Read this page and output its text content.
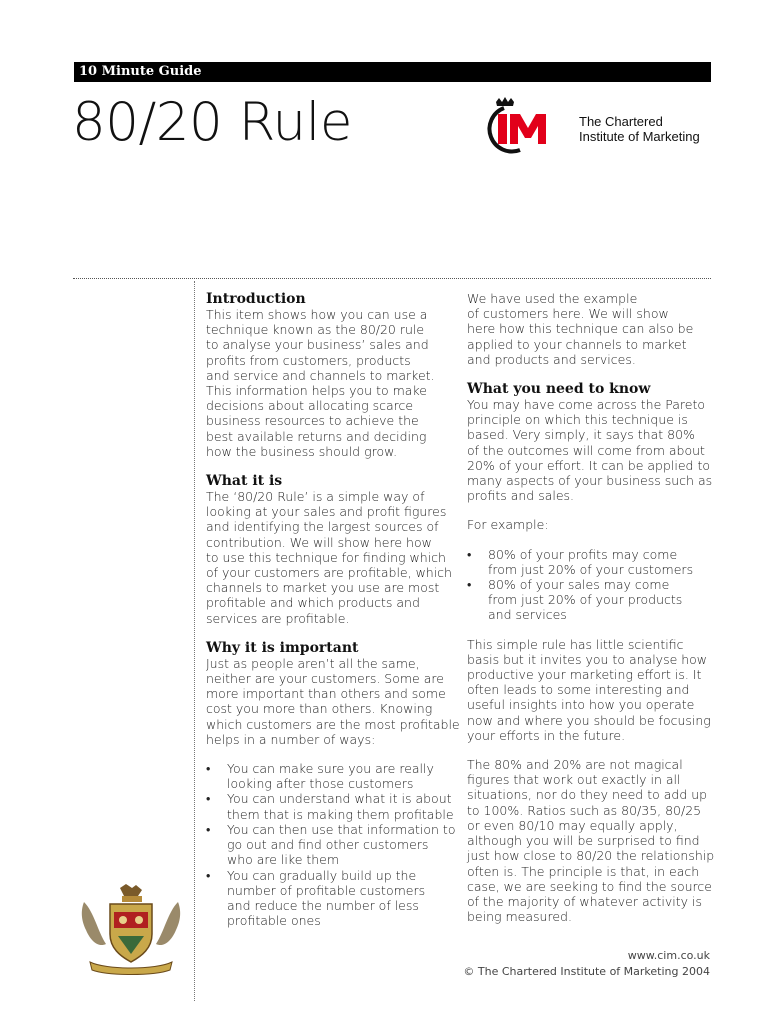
10 Minute Guide
80/20 Rule	The Chartered
Institute of Marketing
Introduction

This item shows how you can use a
technique known as the 80/20 rule
to analyse your business’ sales and
profits from customers, products
and service and channels to market.
This information helps you to make
decisions about allocating scarce
business resources to achieve the
best available returns and deciding
how the business should grow.

What it is

The ‘80/20 Rule’ is a simple way of
looking at your sales and profit figures
and identifying the largest sources of
contribution. We will show here how
to use this technique for finding which
of your customers are profitable, which
channels to market you use are most
profitable and which products and
services are profitable.

Why it is important

Just as people aren’t all the same,
neither are your customers. Some are
more important than others and some
cost you more than others. Knowing
which customers are the most profitable
helps in a number of ways:

• You can make sure you are really
looking after those customers
• You can understand what it is about
them that is making them profitable
• You can then use that information to
go out and find other customers
who are like them
• You can gradually build up the
number of profitable customers
and reduce the number of less
profitable ones

We have used the example
of customers here. We will show
here how this technique can also be
applied to your channels to market
and products and services.

What you need to know

You may have come across the Pareto
principle on which this technique is
based. Very simply, it says that 80%
of the outcomes will come from about
20% of your effort. It can be applied to
many aspects of your business such as
profits and sales.

For example:

• 80% of your profits may come
from just 20% of your customers
• 80% of your sales may come
from just 20% of your products
and services

This simple rule has little scientific
basis but it invites you to analyse how
productive your marketing effort is. It
often leads to some interesting and
useful insights into how you operate
now and where you should be focusing
your efforts in the future.

The 80% and 20% are not magical
figures that work out exactly in all
situations, nor do they need to add up
to 100%. Ratios such as 80/35, 80/25
or even 80/10 may equally apply,
although you will be surprised to find
just how close to 80/20 the relationship
often is. The principle is that, in each
case, we are seeking to find the source
of the majority of whatever activity is
being measured.

www.cim.co.uk
© The Chartered Institute of Marketing 2004
